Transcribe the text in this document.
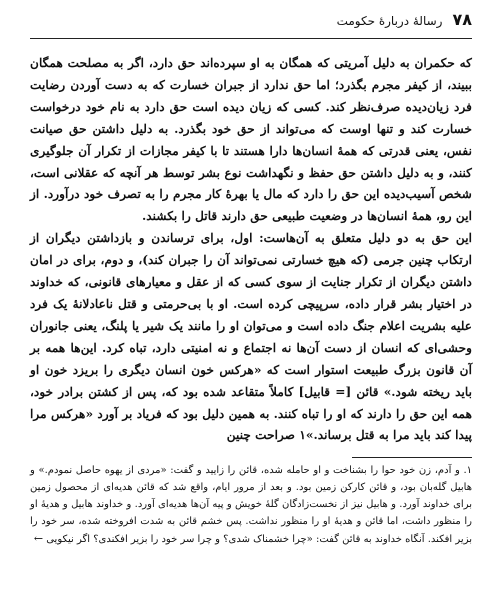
۷۸
رسالۀ دربارۀ حکومت

که حکمران به دلیل آمریتی که همگان به او سپرده‌اند حق دارد، اگر به مصلحت همگان ببیند، از کیفر مجرم بگذرد؛ اما حق ندارد از جبران خسارت که به دست آوردن رضایت فرد زیان‌دیده صرف‌نظر کند. کسی که زیان دیده است حق دارد به نام خود درخواست خسارت کند و تنها اوست که می‌تواند از حق خود بگذرد. به دلیل داشتن حق صیانت نفس، یعنی قدرتی که همۀ انسان‌ها دارا هستند تا با کیفر مجازات از تکرار آن جلوگیری کنند، و به دلیل داشتن حق حفظ و نگهداشت نوع بشر توسط هر آنچه که عقلانی است، شخص آسیب‌دیده این حق را دارد که مال یا بهرۀ کار مجرم را به تصرف خود درآورد. از این رو، همۀ انسان‌ها در وضعیت طبیعی حق دارند قاتل را بکشند.

این حق به دو دلیل متعلق به آن‌هاست: اول، برای ترساندن و بازداشتن دیگران از ارتکاب چنین جرمی (که هیچ خسارتی نمی‌تواند آن را جبران کند)، و دوم، برای در امان داشتن دیگران از تکرار جنایت از سوی کسی که از عقل و معیارهای قانونی، که خداوند در اختیار بشر قرار داده، سرپیچی کرده است. او با بی‌حرمتی و قتل ناعادلانۀ یک فرد علیه بشریت اعلام جنگ داده است و می‌توان او را مانند یک شیر یا پلنگ، یعنی جانوران وحشی‌ای که انسان از دست آن‌ها نه اجتماع و نه امنیتی دارد، تباه کرد. این‌ها همه بر آن قانون بزرگ طبیعت استوار است که «هرکس خون انسان دیگری را بریزد خون او باید ریخته شود.» قائن [= قابیل] کاملاً متقاعد شده بود که، پس از کشتن برادر خود، همه این حق را دارند که او را تباه کنند. به همین دلیل بود که فریاد بر آورد «هرکس مرا پیدا کند باید مرا به قتل برساند.»۱ صراحت چنین

۱. و آدم، زن خود حوا را بشناخت و او حامله شده، قائن را زایید و گفت: «مردی از یهوه حاصل نمودم.» و هابیل گله‌بان بود، و قائن کارکن زمین بود. و بعد از مرور ایام، واقع شد که قائن هدیه‌ای از محصول زمین برای خداوند آورد. و هابیل نیز از نخست‌زادگان گلۀ خویش و پیه آن‌ها هدیه‌ای آورد. و خداوند هابیل و هدیۀ او را منظور داشت، اما قائن و هدیۀ او را منظور نداشت. پس خشم قائن به شدت افروخته شده، سر خود را بزیر افکند. آنگاه خداوند به قائن گفت: «چرا خشمناک شدی؟ و چرا سر خود را بزیر افکندی؟ اگر نیکویی ←
